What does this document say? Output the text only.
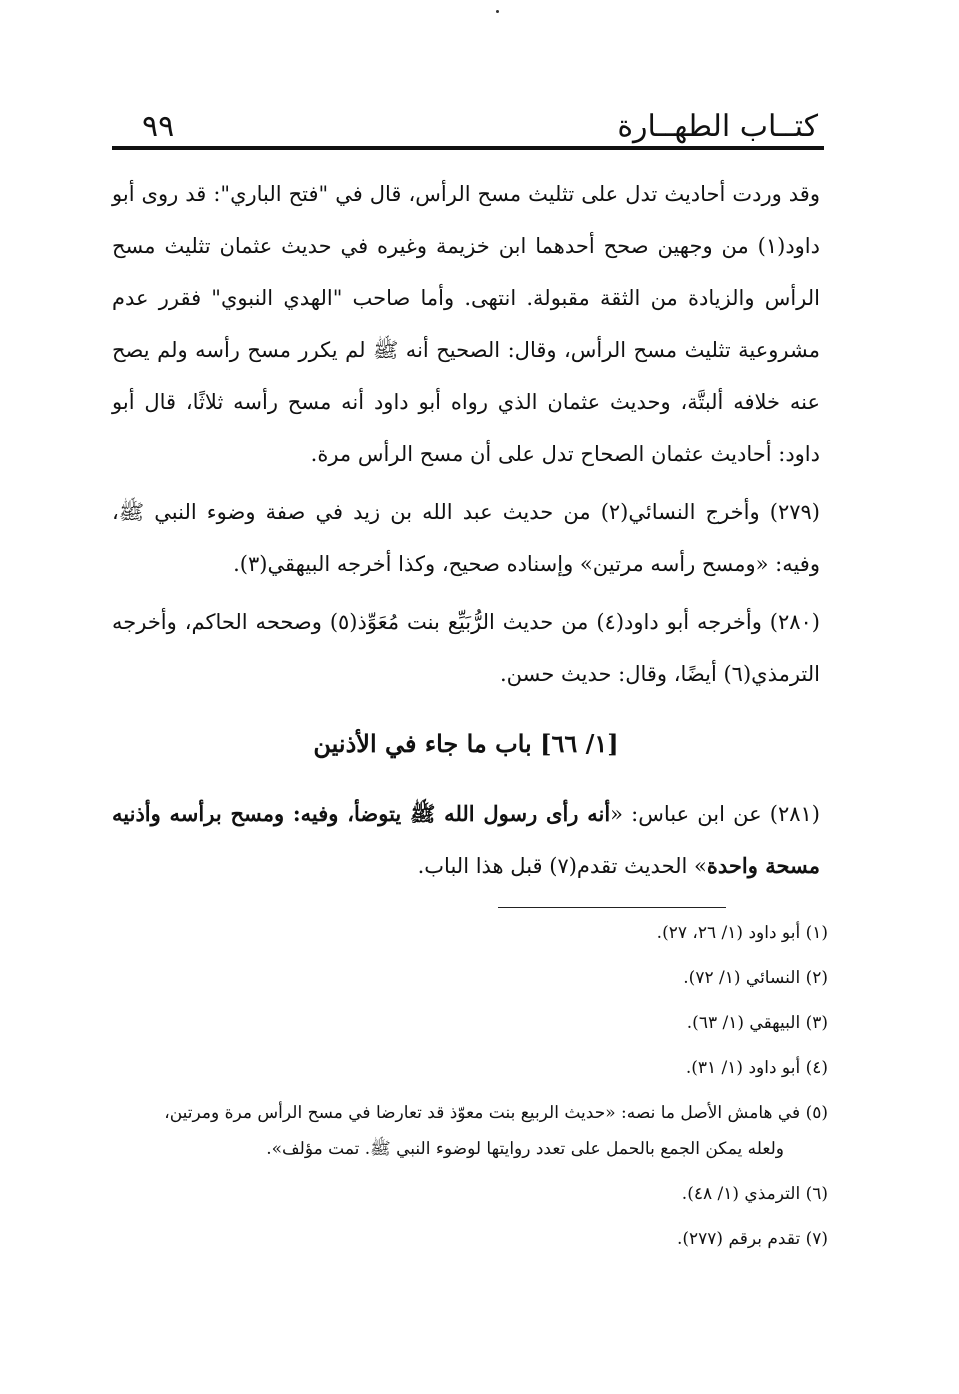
كتــاب الطهــارة
٩٩

وقد وردت أحاديث تدل على تثليث مسح الرأس، قال في "فتح الباري": قد روى أبو داود(١) من وجهين صحح أحدهما ابن خزيمة وغيره في حديث عثمان تثليث مسح الرأس والزيادة من الثقة مقبولة. انتهى. وأما صاحب "الهدي النبوي" فقرر عدم مشروعية تثليث مسح الرأس، وقال: الصحيح أنه ﷺ لم يكرر مسح رأسه ولم يصح عنه خلافه ألبتَّة، وحديث عثمان الذي رواه أبو داود أنه مسح رأسه ثلاثًا، قال أبو داود: أحاديث عثمان الصحاح تدل على أن مسح الرأس مرة.

(٢٧٩) وأخرج النسائي(٢) من حديث عبد الله بن زيد في صفة وضوء النبي ﷺ، وفيه: «ومسح رأسه مرتين» وإسناده صحيح، وكذا أخرجه البيهقي(٣).

(٢٨٠) وأخرجه أبو داود(٤) من حديث الرُّبَيِّع بنت مُعَوِّذ(٥) وصححه الحاكم، وأخرجه الترمذي(٦) أيضًا، وقال: حديث حسن.

[١/ ٦٦] باب ما جاء في الأذنين

(٢٨١) عن ابن عباس: «أنه رأى رسول الله ﷺ يتوضأ، وفيه: ومسح برأسه وأذنيه مسحة واحدة» الحديث تقدم(٧) قبل هذا الباب.

(١) أبو داود (١/ ٢٦، ٢٧).
(٢) النسائي (١/ ٧٢).
(٣) البيهقي (١/ ٦٣).
(٤) أبو داود (١/ ٣١).
(٥) في هامش الأصل ما نصه: «حديث الربيع بنت معوّذ قد تعارضا في مسح الرأس مرة ومرتين،
ولعله يمكن الجمع بالحمل على تعدد روايتها لوضوء النبي ﷺ. تمت مؤلف».
(٦) الترمذي (١/ ٤٨).
(٧) تقدم برقم (٢٧٧).
